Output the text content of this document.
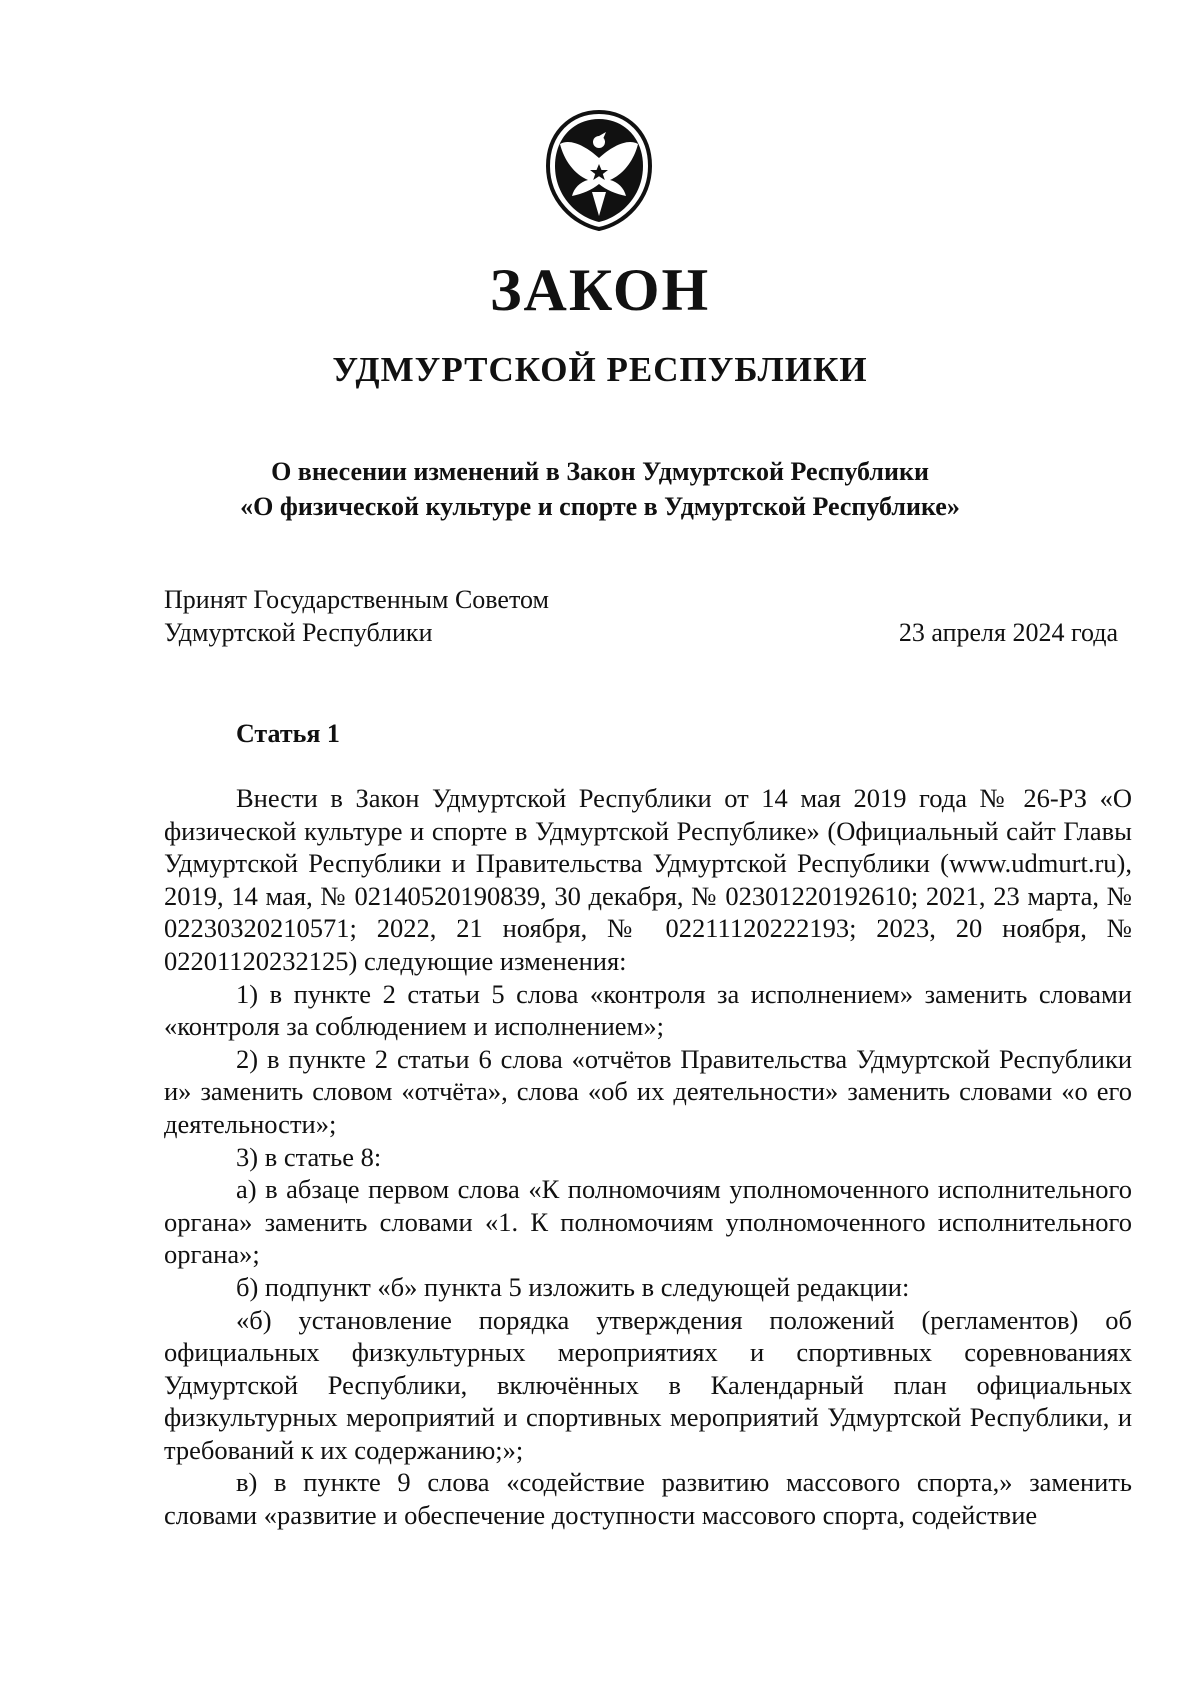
ЗАКОН
УДМУРТСКОЙ РЕСПУБЛИКИ
О внесении изменений в Закон Удмуртской Республики
«О физической культуре и спорте в Удмуртской Республике»
Принят Государственным Советом
Удмуртской Республики	23 апреля 2024 года
Статья 1

Внести в Закон Удмуртской Республики от 14 мая 2019 года № 26-РЗ «О физической культуре и спорте в Удмуртской Республике» (Официальный сайт Главы Удмуртской Республики и Правительства Удмуртской Республики (www.udmurt.ru), 2019, 14 мая, № 02140520190839, 30 декабря, № 02301220192610; 2021, 23 марта, № 02230320210571; 2022, 21 ноября, № 02211120222193; 2023, 20 ноября, № 02201120232125) следующие изменения:

1) в пункте 2 статьи 5 слова «контроля за исполнением» заменить словами «контроля за соблюдением и исполнением»;

2) в пункте 2 статьи 6 слова «отчётов Правительства Удмуртской Республики и» заменить словом «отчёта», слова «об их деятельности» заменить словами «о его деятельности»;

3) в статье 8:

а) в абзаце первом слова «К полномочиям уполномоченного исполнительного органа» заменить словами «1. К полномочиям уполномоченного исполнительного органа»;

б) подпункт «б» пункта 5 изложить в следующей редакции:

«б) установление порядка утверждения положений (регламентов) об официальных физкультурных мероприятиях и спортивных соревнованиях Удмуртской Республики, включённых в Календарный план официальных физкультурных мероприятий и спортивных мероприятий Удмуртской Республики, и требований к их содержанию;»;

в) в пункте 9 слова «содействие развитию массового спорта,» заменить словами «развитие и обеспечение доступности массового спорта, содействие
